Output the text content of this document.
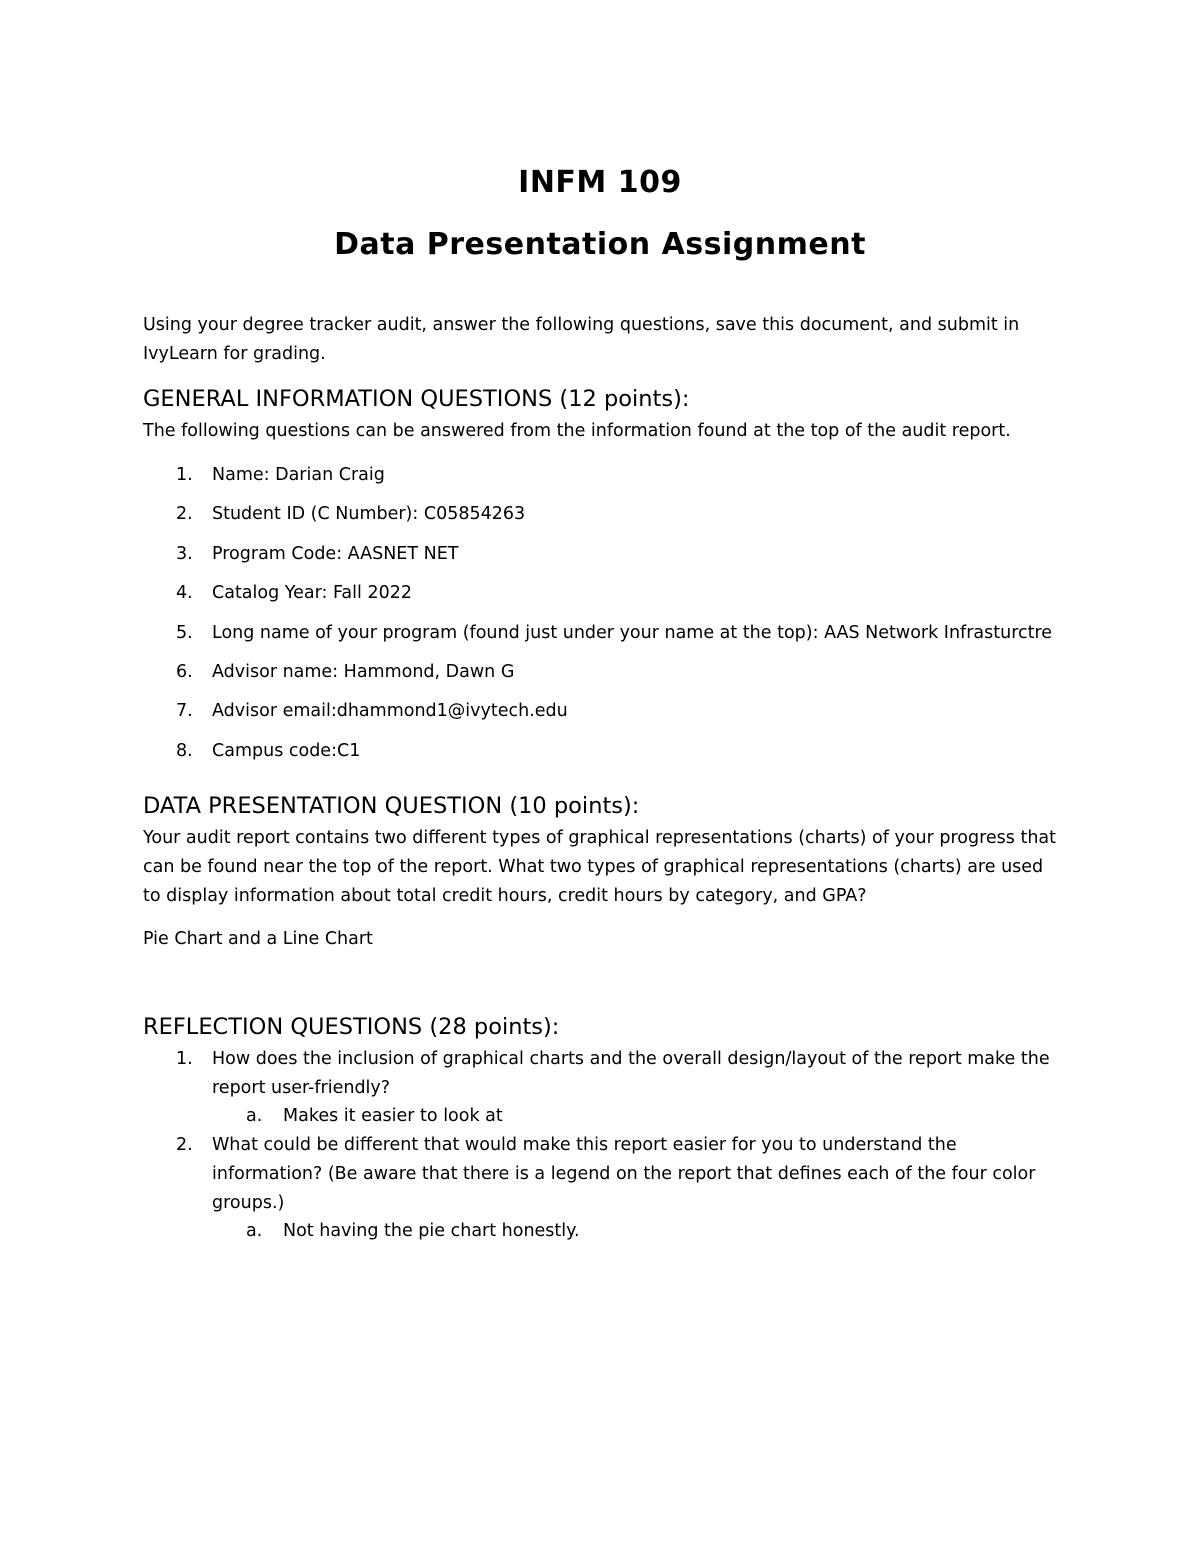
INFM 109
Data Presentation Assignment
Using your degree tracker audit, answer the following questions, save this document, and submit in IvyLearn for grading.
GENERAL INFORMATION QUESTIONS (12 points):
The following questions can be answered from the information found at the top of the audit report.
1. Name: Darian Craig
2. Student ID (C Number): C05854263
3. Program Code: AASNET NET
4. Catalog Year: Fall 2022
5. Long name of your program (found just under your name at the top): AAS Network Infrasturctre
6. Advisor name: Hammond, Dawn G
7. Advisor email:dhammond1@ivytech.edu
8. Campus code:C1
DATA PRESENTATION QUESTION (10 points):
Your audit report contains two different types of graphical representations (charts) of your progress that can be found near the top of the report. What two types of graphical representations (charts) are used to display information about total credit hours, credit hours by category, and GPA?
Pie Chart and a Line Chart
REFLECTION QUESTIONS (28 points):
1. How does the inclusion of graphical charts and the overall design/layout of the report make the report user-friendly?
a. Makes it easier to look at
2. What could be different that would make this report easier for you to understand the information? (Be aware that there is a legend on the report that defines each of the four color groups.)
a. Not having the pie chart honestly.
